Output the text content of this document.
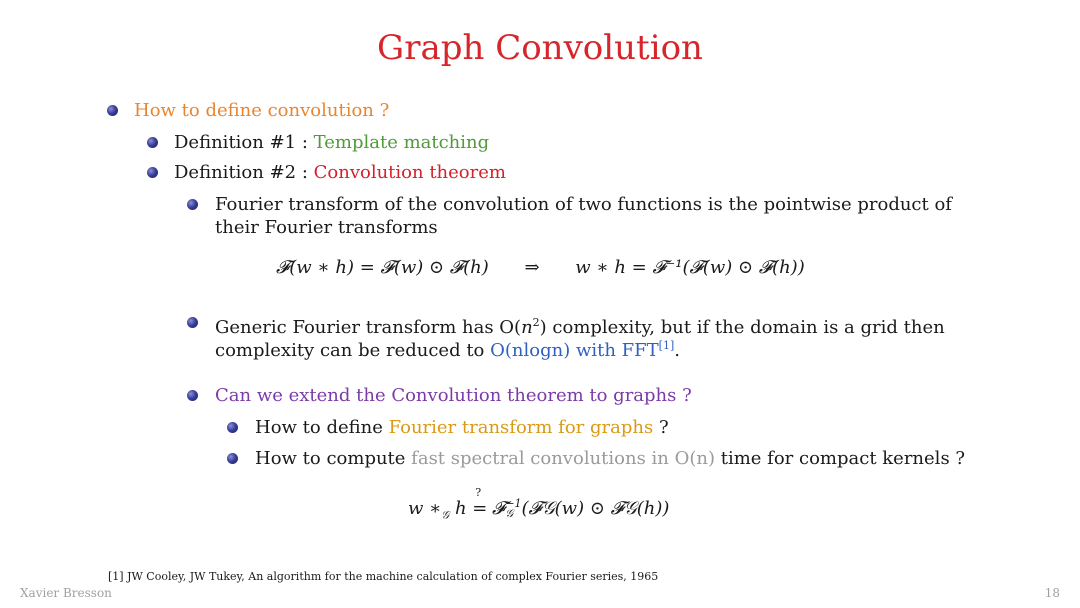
Graph Convolution
How to define convolution ?
Definition #1 : Template matching
Definition #2 : Convolution theorem
Fourier transform of the convolution of two functions is the pointwise product of
their Fourier transforms
𝓕(w ∗ h) = 𝓕(w) ⊙ 𝓕(h) ⇒ w ∗ h = 𝓕⁻¹(𝓕(w) ⊙ 𝓕(h))
Generic Fourier transform has $O(n^2)$ complexity, but if the domain is a grid then
complexity can be reduced to O(nlogn) with FFT[1].
Can we extend the Convolution theorem to graphs ?
How to define Fourier transform for graphs ?
How to compute fast spectral convolutions in O(n) time for compact kernels ?
w $∗_𝒢$ h
?
= 𝓕 −1
𝒢 (𝓕𝒢(w) ⊙ 𝓕𝒢(h))
[1] JW Cooley, JW Tukey, An algorithm for the machine calculation of complex Fourier series, 1965
Xavier Bresson	18
